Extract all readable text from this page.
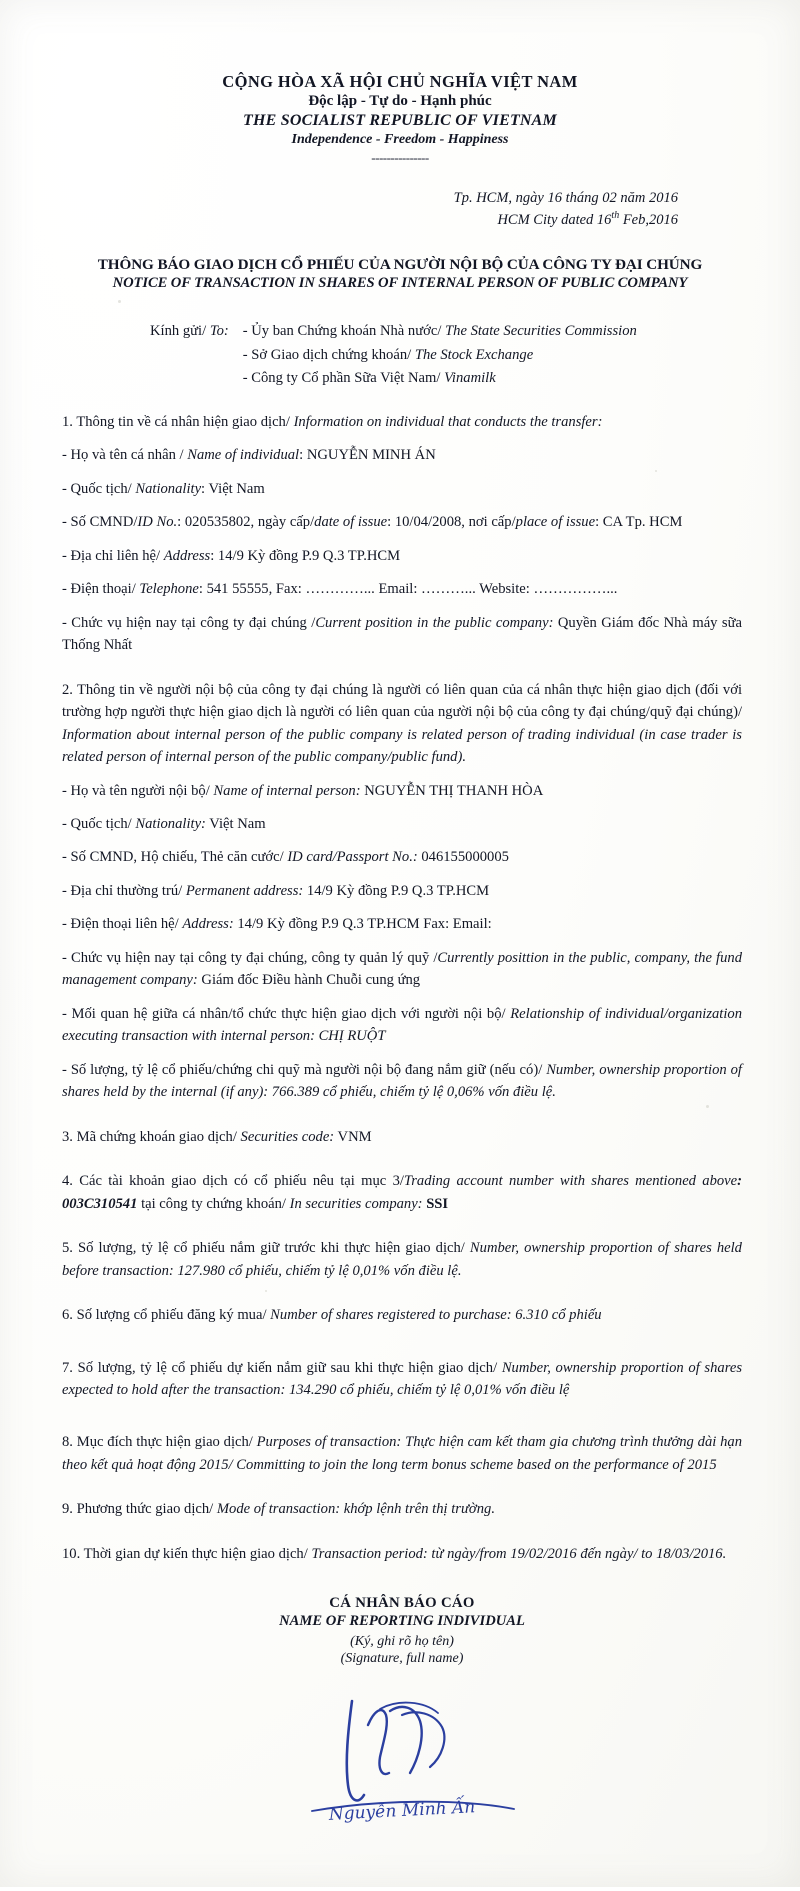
CỘNG HÒA XÃ HỘI CHỦ NGHĨA VIỆT NAM
Độc lập - Tự do - Hạnh phúc
THE SOCIALIST REPUBLIC OF VIETNAM
Independence - Freedom - Happiness
---------------
Tp. HCM, ngày 16 tháng 02 năm 2016
HCM City dated 16th Feb,2016
THÔNG BÁO GIAO DỊCH CỔ PHIẾU CỦA NGƯỜI NỘI BỘ CỦA CÔNG TY ĐẠI CHÚNG
NOTICE OF TRANSACTION IN SHARES OF INTERNAL PERSON OF PUBLIC COMPANY
Kính gửi/ To: - Ủy ban Chứng khoán Nhà nước/ The State Securities Commission
- Sở Giao dịch chứng khoán/ The Stock Exchange
- Công ty Cổ phần Sữa Việt Nam/ Vinamilk
1. Thông tin về cá nhân hiện giao dịch/ Information on individual that conducts the transfer:
- Họ và tên cá nhân / Name of individual: NGUYỄN MINH ÁN
- Quốc tịch/ Nationality: Việt Nam
- Số CMND/ID No.: 020535802, ngày cấp/date of issue: 10/04/2008, nơi cấp/place of issue: CA Tp. HCM
- Địa chỉ liên hệ/ Address: 14/9 Kỳ đồng P.9 Q.3 TP.HCM
- Điện thoại/ Telephone: 541 55555, Fax: …………... Email: ………... Website: ……………...
- Chức vụ hiện nay tại công ty đại chúng /Current position in the public company: Quyền Giám đốc Nhà máy sữa Thống Nhất
2. Thông tin về người nội bộ của công ty đại chúng là người có liên quan của cá nhân thực hiện giao dịch (đối với trường hợp người thực hiện giao dịch là người có liên quan của người nội bộ của công ty đại chúng/quỹ đại chúng)/ Information about internal person of the public company is related person of trading individual (in case trader is related person of internal person of the public company/public fund).
- Họ và tên người nội bộ/ Name of internal person: NGUYỄN THỊ THANH HÒA
- Quốc tịch/ Nationality: Việt Nam
- Số CMND, Hộ chiếu, Thẻ căn cước/ ID card/Passport No.: 046155000005
- Địa chỉ thường trú/ Permanent address: 14/9 Kỳ đồng P.9 Q.3 TP.HCM
- Điện thoại liên hệ/ Address: 14/9 Kỳ đồng P.9 Q.3 TP.HCM Fax: Email:
- Chức vụ hiện nay tại công ty đại chúng, công ty quản lý quỹ /Currently posittion in the public, company, the fund management company: Giám đốc Điều hành Chuỗi cung ứng
- Mối quan hệ giữa cá nhân/tổ chức thực hiện giao dịch với người nội bộ/ Relationship of individual/organization executing transaction with internal person: CHỊ RUỘT
- Số lượng, tỷ lệ cổ phiếu/chứng chi quỹ mà người nội bộ đang nắm giữ (nếu có)/ Number, ownership proportion of shares held by the internal (if any): 766.389 cổ phiếu, chiếm tỷ lệ 0,06% vốn điều lệ.
3. Mã chứng khoán giao dịch/ Securities code: VNM
4. Các tài khoản giao dịch có cổ phiếu nêu tại mục 3/Trading account number with shares mentioned above: 003C310541 tại công ty chứng khoán/ In securities company: SSI
5. Số lượng, tỷ lệ cổ phiếu nắm giữ trước khi thực hiện giao dịch/ Number, ownership proportion of shares held before transaction: 127.980 cổ phiếu, chiếm tỷ lệ 0,01% vốn điều lệ.
6. Số lượng cổ phiếu đăng ký mua/ Number of shares registered to purchase: 6.310 cổ phiếu
7. Số lượng, tỷ lệ cổ phiếu dự kiến nắm giữ sau khi thực hiện giao dịch/ Number, ownership proportion of shares expected to hold after the transaction: 134.290 cổ phiếu, chiếm tỷ lệ 0,01% vốn điều lệ
8. Mục đích thực hiện giao dịch/ Purposes of transaction: Thực hiện cam kết tham gia chương trình thưởng dài hạn theo kết quả hoạt động 2015/ Committing to join the long term bonus scheme based on the performance of 2015
9. Phương thức giao dịch/ Mode of transaction: khớp lệnh trên thị trường.
10. Thời gian dự kiến thực hiện giao dịch/ Transaction period: từ ngày/from 19/02/2016 đến ngày/ to 18/03/2016.
CÁ NHÂN BÁO CÁO
NAME OF REPORTING INDIVIDUAL
(Ký, ghi rõ họ tên)
(Signature, full name)
Nguyễn Minh Ấn
